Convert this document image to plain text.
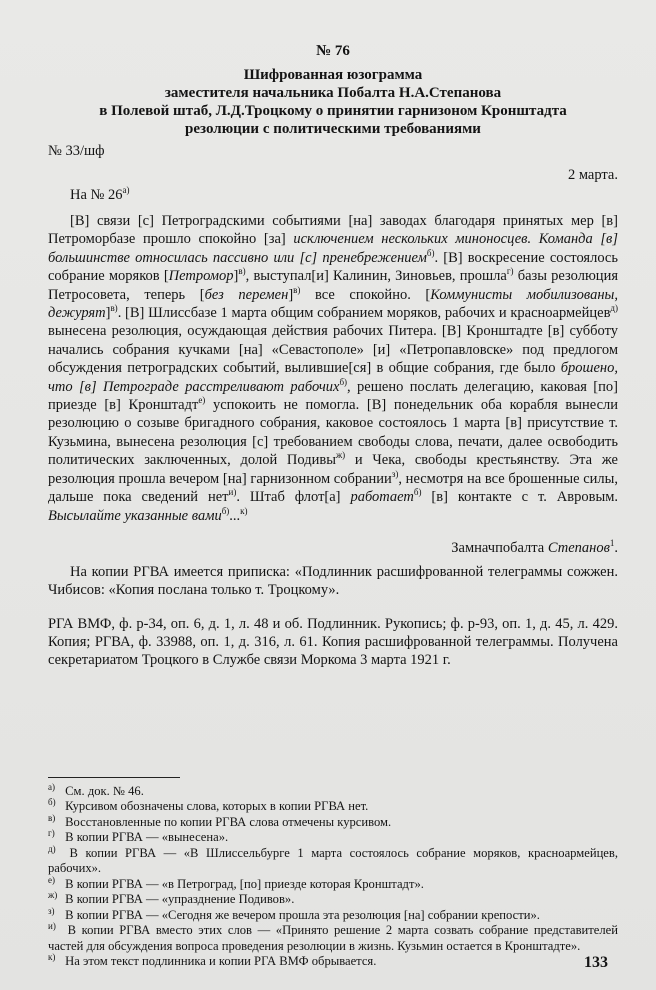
№ 76
Шифрованная юзограмма
заместителя начальника Побалта Н.А.Степанова
в Полевой штаб, Л.Д.Троцкому о принятии гарнизоном Кронштадта
резолюции с политическими требованиями
№ 33/шф
2 марта.
На № $26^{а)}$
[В] связи [с] Петроградскими событиями [на] заводах благодаря принятых мер [в] Петроморбазе прошло спокойно [за] исключением нескольких миноносцев. Команда [в] большинстве относилась пассивно или [с] пренебрежением$^{б)}$. [В] воскресение состоялось собрание моряков [Петромор]$^{в)}$, выступал[и] Калинин, Зиновьев, прошла$^{г)}$ базы резолюция Петросовета, теперь [без перемен]$^{в)}$ все спокойно. [Коммунисты мобилизованы, дежурят]$^{в)}$. [В] Шлиссбазе 1 марта общим собранием моряков, рабочих и красноармейцев$^{д)}$ вынесена резолюция, осуждающая действия рабочих Питера. [В] Кронштадте [в] субботу начались собрания кучками [на] «Севастополе» [и] «Петропавловске» под предлогом обсуждения петроградских событий, вылившие[ся] в общие собрания, где было брошено, что [в] Петрограде расстреливают рабочих$^{б)}$, решено послать делегацию, каковая [по] приезде [в] Кронштадт$^{е)}$ успокоить не помогла. [В] понедельник оба корабля вынесли резолюцию о созыве бригадного собрания, каковое состоялось 1 марта [в] присутствие т. Кузьмина, вынесена резолюция [с] требованием свободы слова, печати, далее освободить политических заключенных, долой Подивы$^{ж)}$ и Чека, свободы крестьянству. Эта же резолюция прошла вечером [на] гарнизонном собрании$^{з)}$, несмотря на все брошенные силы, дальше пока сведений нет$^{и)}$. Штаб флот[а] работает$^{б)}$ [в] контакте с т. Авровым. Высылайте указанные вами$^{б)}$...$^{к)}$
Замначпобалта Степанов$^1$.
На копии РГВА имеется приписка: «Подлинник расшифрованной телеграммы сожжен. Чибисов: «Копия послана только т. Троцкому».
РГА ВМФ, ф. р-34, оп. 6, д. 1, л. 48 и об. Подлинник. Рукопись; ф. р-93, оп. 1, д. 45, л. 429. Копия; РГВА, ф. 33988, оп. 1, д. 316, л. 61. Копия расшифрованной телеграммы. Получена секретариатом Троцкого в Службе связи Моркома 3 марта 1921 г.
а) См. док. № 46.
б) Курсивом обозначены слова, которых в копии РГВА нет.
в) Восстановленные по копии РГВА слова отмечены курсивом.
г) В копии РГВА — «вынесена».
д) В копии РГВА — «В Шлиссельбурге 1 марта состоялось собрание моряков, красноармейцев, рабочих».
е) В копии РГВА — «в Петроград, [по] приезде которая Кронштадт».
ж) В копии РГВА — «упразднение Подивов».
з) В копии РГВА — «Сегодня же вечером прошла эта резолюция [на] собрании крепости».
и) В копии РГВА вместо этих слов — «Принято решение 2 марта созвать собрание представителей частей для обсуждения вопроса проведения резолюции в жизнь. Кузьмин остается в Кронштадте».
к) На этом текст подлинника и копии РГА ВМФ обрывается.	133
